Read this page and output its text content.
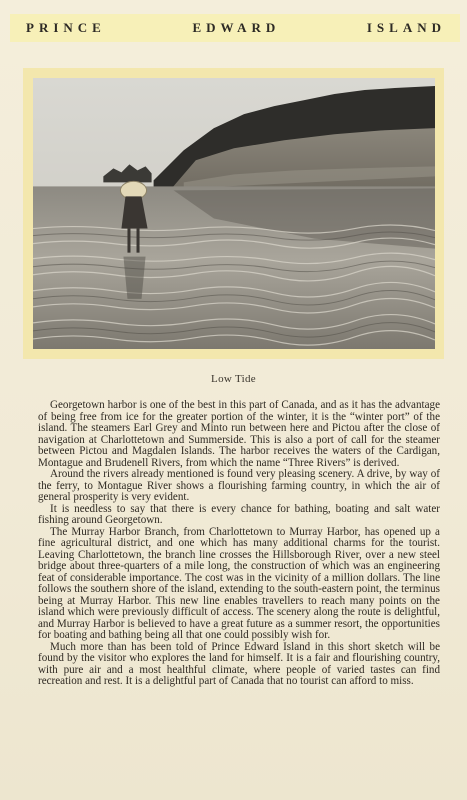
PRINCE	EDWARD	ISLAND
Low Tide

Georgetown harbor is one of the best in this part of Canada, and as it has the advantage of being free from ice for the greater portion of the winter, it is the “winter port” of the island. The steamers Earl Grey and Minto run between here and Pictou after the close of navigation at Charlottetown and Summerside. This is also a port of call for the steamer between Pictou and Magdalen Islands. The harbor receives the waters of the Cardigan, Montague and Brudenell Rivers, from which the name “Three Rivers” is derived.

Around the rivers already mentioned is found very pleasing scenery. A drive, by way of the ferry, to Montague River shows a flourishing farming country, in which the air of general prosperity is very evident.

It is needless to say that there is every chance for bathing, boating and salt water fishing around Georgetown.

The Murray Harbor Branch, from Charlottetown to Murray Harbor, has opened up a fine agricultural district, and one which has many additional charms for the tourist. Leaving Charlottetown, the branch line crosses the Hillsborough River, over a new steel bridge about three-quarters of a mile long, the construction of which was an engineering feat of considerable importance. The cost was in the vicinity of a million dollars. The line follows the southern shore of the island, extending to the south-eastern point, the terminus being at Murray Harbor. This new line enables travellers to reach many points on the island which were previously difficult of access. The scenery along the route is delightful, and Murray Harbor is believed to have a great future as a summer resort, the opportunities for boating and bathing being all that one could possibly wish for.

Much more than has been told of Prince Edward Island in this short sketch will be found by the visitor who explores the land for himself. It is a fair and flourishing country, with pure air and a most healthful climate, where people of varied tastes can find recreation and rest. It is a delightful part of Canada that no tourist can afford to miss.
